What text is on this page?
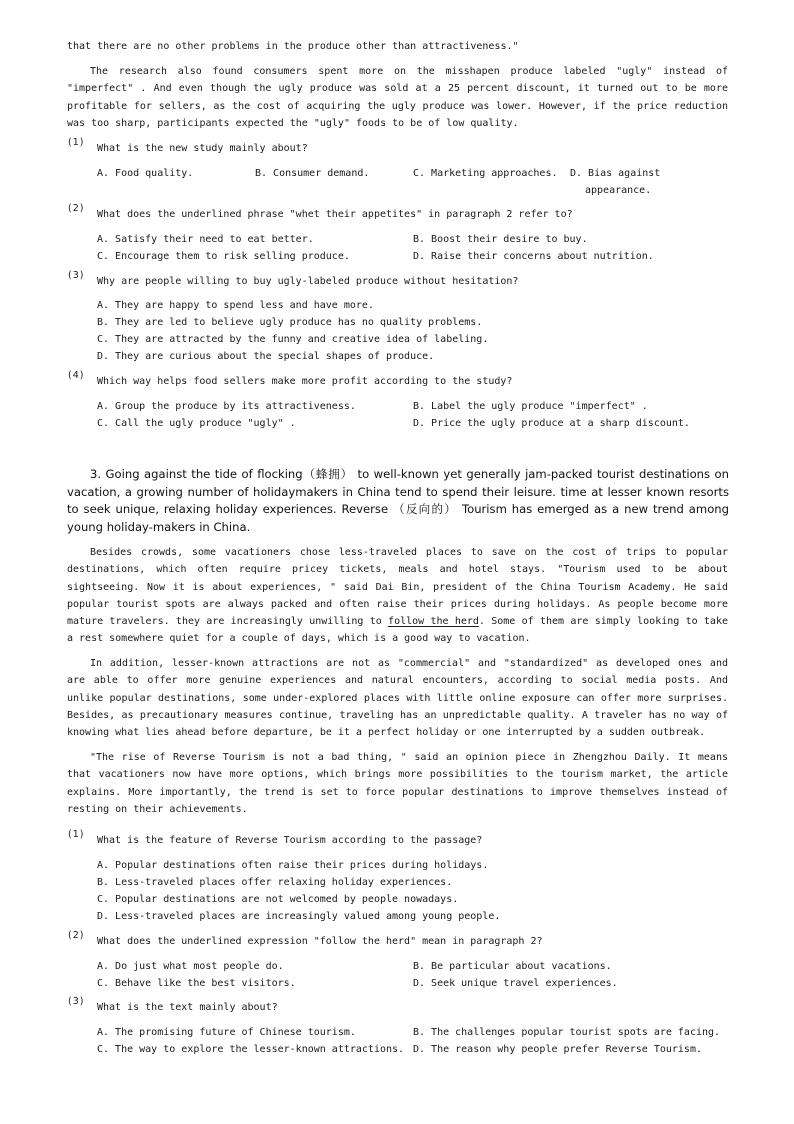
that there are no other problems in the produce other than attractiveness."

The research also found consumers spent more on the misshapen produce labeled "ugly" instead of "imperfect" . And even though the ugly produce was sold at a 25 percent discount, it turned out to be more profitable for sellers, as the cost of acquiring the ugly produce was lower. However, if the price reduction was too sharp, participants expected the "ugly" foods to be of low quality.

(1)
What is the new study mainly about?
A. Food quality.	B. Consumer demand.	C. Marketing approaches. D. Bias against
appearance.
(2)
What does the underlined phrase "whet their appetites" in paragraph 2 refer to?
A. Satisfy their need to eat better.	B. Boost their desire to buy.
C. Encourage them to risk selling produce.	D. Raise their concerns about nutrition.
(3)
Why are people willing to buy ugly-labeled produce without hesitation?
A. They are happy to spend less and have more.
B. They are led to believe ugly produce has no quality problems.
C. They are attracted by the funny and creative idea of labeling.
D. They are curious about the special shapes of produce.
(4)
Which way helps food sellers make more profit according to the study?
A. Group the produce by its attractiveness.	B. Label the ugly produce "imperfect" .
C. Call the ugly produce "ugly" .	D. Price the ugly produce at a sharp discount.

3. Going against the tide of flocking（蜂拥） to well-known yet generally jam-packed tourist destinations on vacation, a growing number of holidaymakers in China tend to spend their leisure. time at lesser known resorts to seek unique, relaxing holiday experiences. Reverse （反向的） Tourism has emerged as a new trend among young holiday-makers in China.

Besides crowds, some vacationers chose less-traveled places to save on the cost of trips to popular destinations, which often require pricey tickets, meals and hotel stays. "Tourism used to be about sightseeing. Now it is about experiences, " said Dai Bin, president of the China Tourism Academy. He said popular tourist spots are always packed and often raise their prices during holidays. As people become more mature travelers. they are increasingly unwilling to follow the herd. Some of them are simply looking to take a rest somewhere quiet for a couple of days, which is a good way to vacation.

In addition, lesser-known attractions are not as "commercial" and "standardized" as developed ones and are able to offer more genuine experiences and natural encounters, according to social media posts. And unlike popular destinations, some under-explored places with little online exposure can offer more surprises. Besides, as precautionary measures continue, traveling has an unpredictable quality. A traveler has no way of knowing what lies ahead before departure, be it a perfect holiday or one interrupted by a sudden outbreak.

"The rise of Reverse Tourism is not a bad thing, " said an opinion piece in Zhengzhou Daily. It means that vacationers now have more options, which brings more possibilities to the tourism market, the article explains. More importantly, the trend is set to force popular destinations to improve themselves instead of resting on their achievements.

(1)
What is the feature of Reverse Tourism according to the passage?
A. Popular destinations often raise their prices during holidays.
B. Less-traveled places offer relaxing holiday experiences.
C. Popular destinations are not welcomed by people nowadays.
D. Less-traveled places are increasingly valued among young people.
(2)
What does the underlined expression "follow the herd" mean in paragraph 2?
A. Do just what most people do.	B. Be particular about vacations.
C. Behave like the best visitors.	D. Seek unique travel experiences.
(3)
What is the text mainly about?
A. The promising future of Chinese tourism.	B. The challenges popular tourist spots are facing.
C. The way to explore the lesser-known attractions. D. The reason why people prefer Reverse Tourism.
